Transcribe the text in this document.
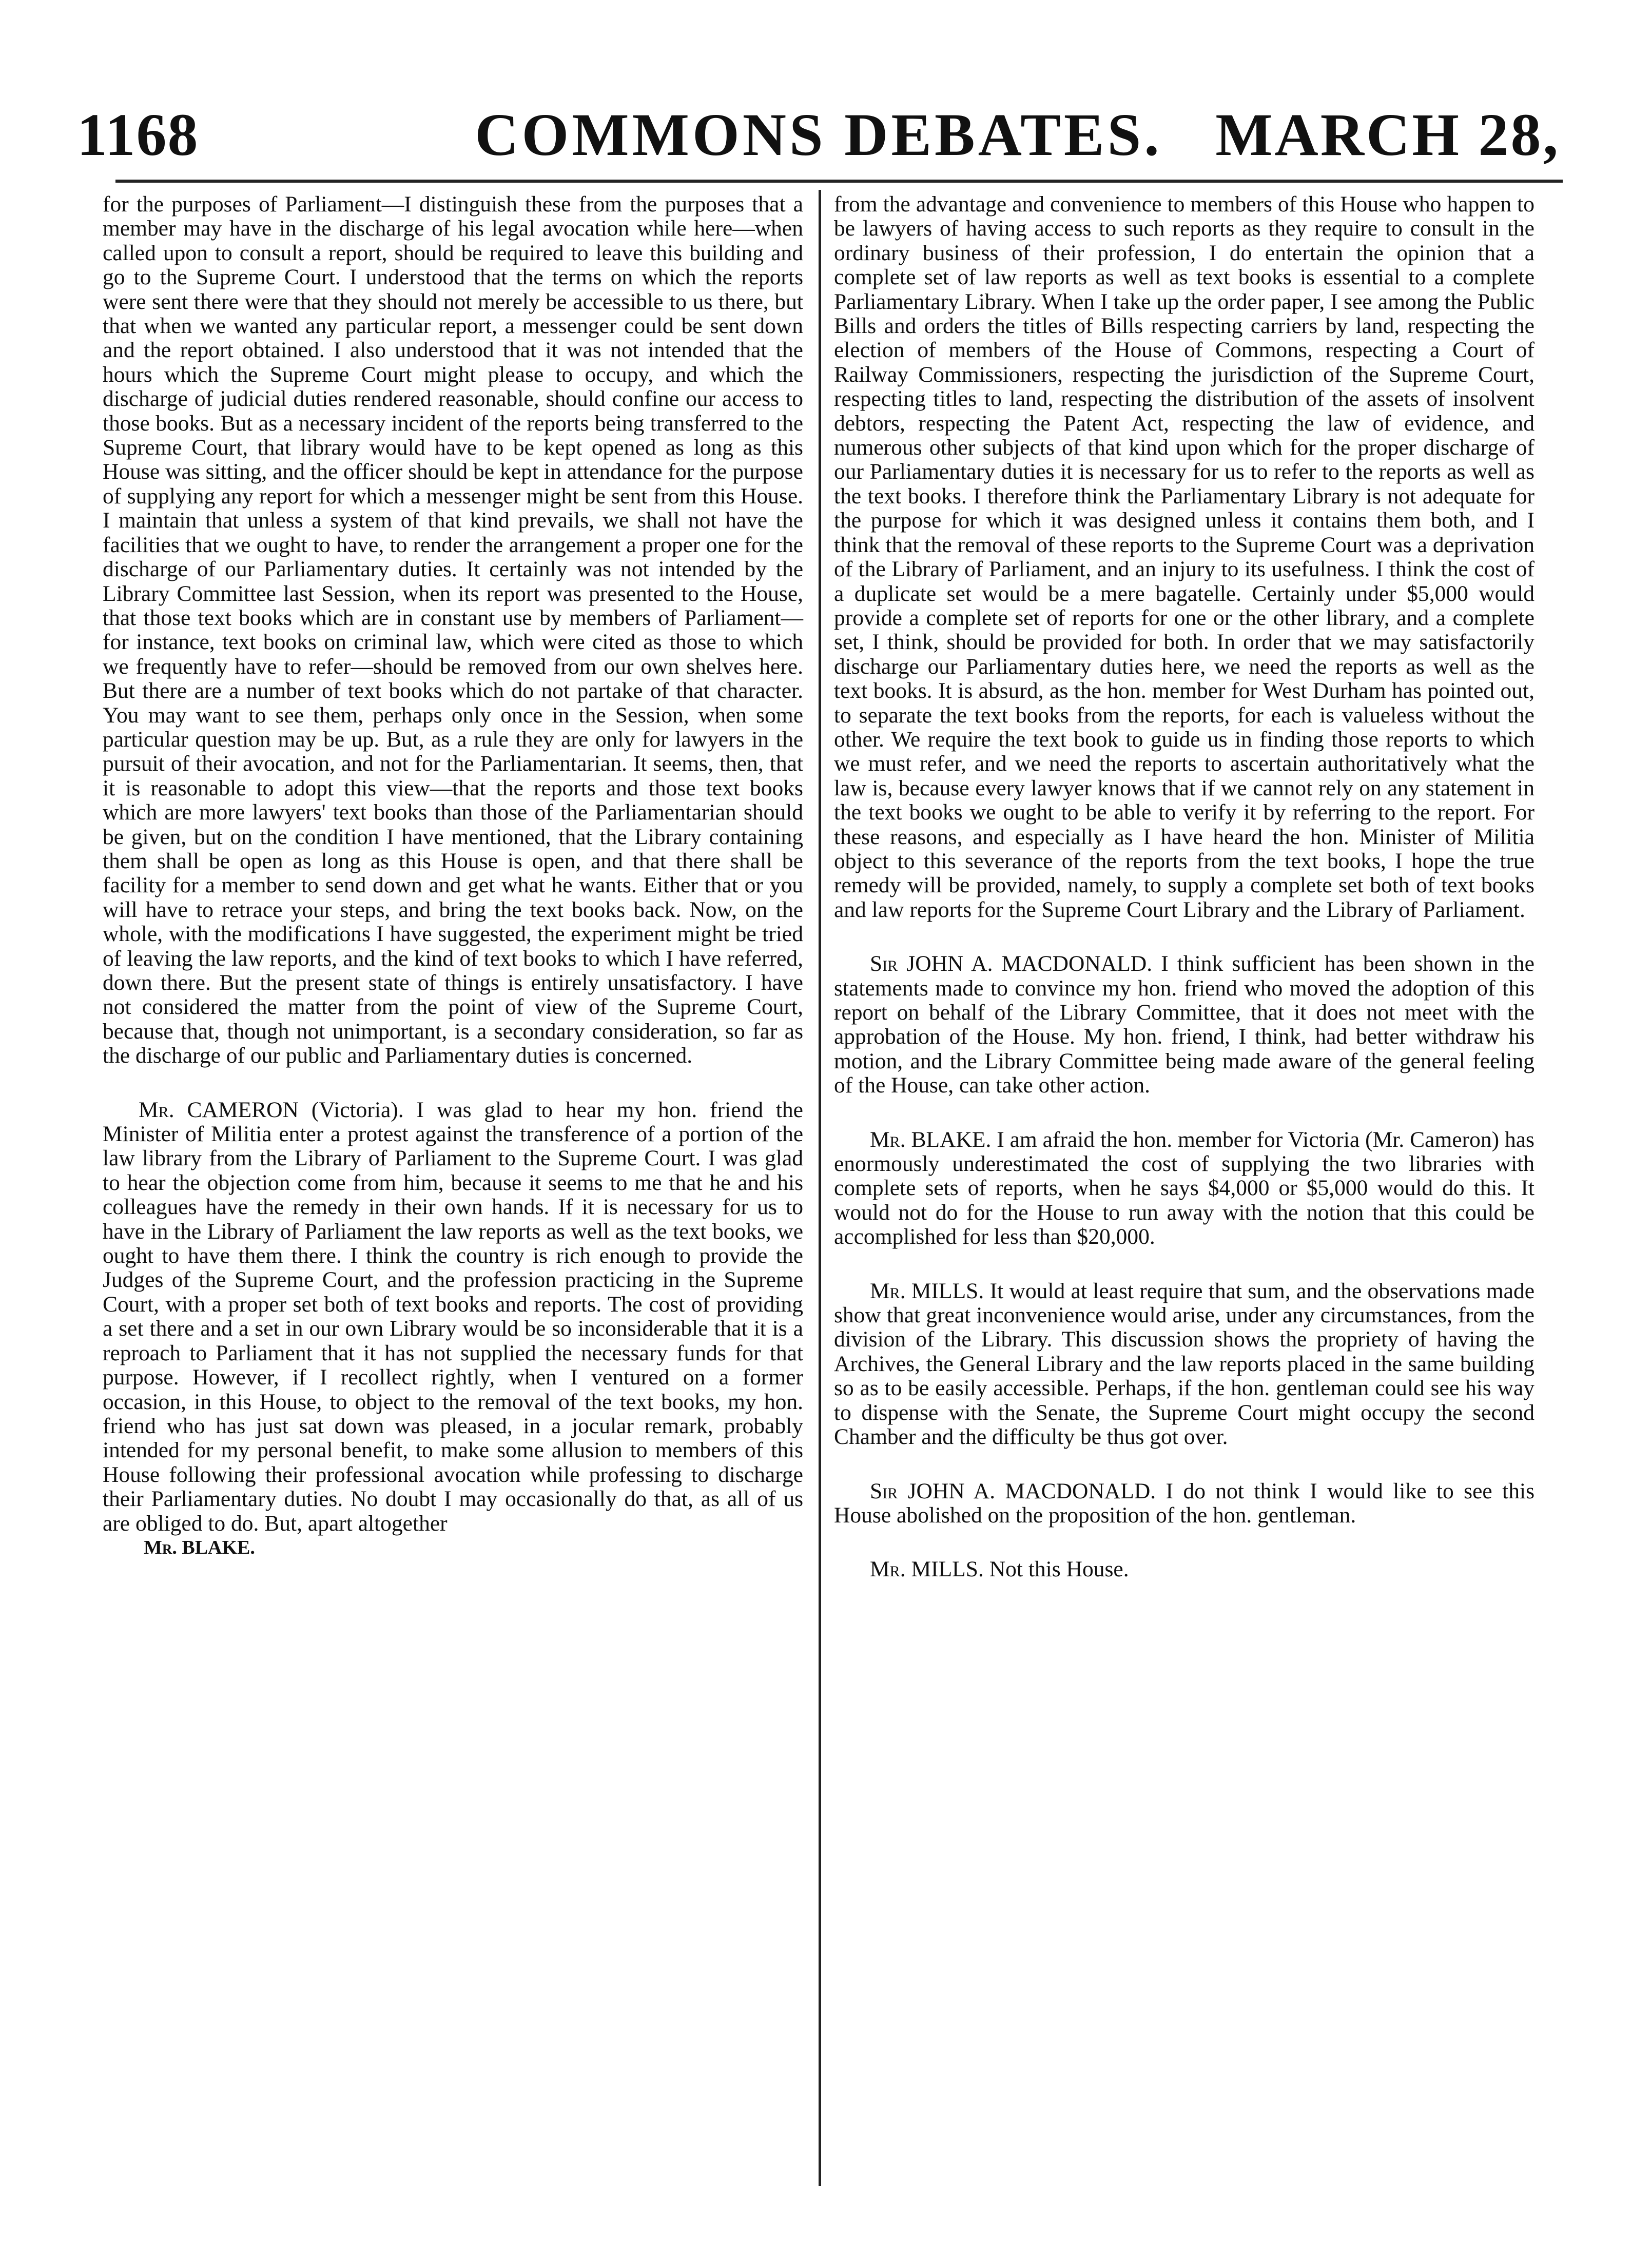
COMMONS DEBATES.
1168	MARCH 28,

for the purposes of Parliament—I distinguish these from the purposes that a member may have in the discharge of his legal avocation while here—when called upon to consult a report, should be required to leave this building and go to the Supreme Court. I understood that the terms on which the reports were sent there were that they should not merely be accessible to us there, but that when we wanted any particular report, a messenger could be sent down and the report obtained. I also understood that it was not intended that the hours which the Supreme Court might please to occupy, and which the discharge of judicial duties rendered reasonable, should confine our access to those books. But as a necessary incident of the reports being transferred to the Supreme Court, that library would have to be kept opened as long as this House was sitting, and the officer should be kept in attendance for the purpose of supplying any report for which a messenger might be sent from this House. I maintain that unless a system of that kind prevails, we shall not have the facilities that we ought to have, to render the arrangement a proper one for the discharge of our Parliamentary duties. It certainly was not intended by the Library Committee last Session, when its report was presented to the House, that those text books which are in constant use by members of Parliament—for instance, text books on criminal law, which were cited as those to which we frequently have to refer—should be removed from our own shelves here. But there are a number of text books which do not partake of that character. You may want to see them, perhaps only once in the Session, when some particular question may be up. But, as a rule they are only for lawyers in the pursuit of their avocation, and not for the Parliamentarian. It seems, then, that it is reasonable to adopt this view—that the reports and those text books which are more lawyers' text books than those of the Parliamentarian should be given, but on the condition I have mentioned, that the Library containing them shall be open as long as this House is open, and that there shall be facility for a member to send down and get what he wants. Either that or you will have to retrace your steps, and bring the text books back. Now, on the whole, with the modifications I have suggested, the experiment might be tried of leaving the law reports, and the kind of text books to which I have referred, down there. But the present state of things is entirely unsatisfactory. I have not considered the matter from the point of view of the Supreme Court, because that, though not unimportant, is a secondary consideration, so far as the discharge of our public and Parliamentary duties is concerned.

Mr. CAMERON (Victoria). I was glad to hear my hon. friend the Minister of Militia enter a protest against the transference of a portion of the law library from the Library of Parliament to the Supreme Court. I was glad to hear the objection come from him, because it seems to me that he and his colleagues have the remedy in their own hands. If it is necessary for us to have in the Library of Parliament the law reports as well as the text books, we ought to have them there. I think the country is rich enough to provide the Judges of the Supreme Court, and the profession practicing in the Supreme Court, with a proper set both of text books and reports. The cost of providing a set there and a set in our own Library would be so inconsiderable that it is a reproach to Parliament that it has not supplied the necessary funds for that purpose. However, if I recollect rightly, when I ventured on a former occasion, in this House, to object to the removal of the text books, my hon. friend who has just sat down was pleased, in a jocular remark, probably intended for my personal benefit, to make some allusion to members of this House following their professional avocation while professing to discharge their Parliamentary duties. No doubt I may occasionally do that, as all of us are obliged to do. But, apart altogether

Mr. BLAKE.

from the advantage and convenience to members of this House who happen to be lawyers of having access to such reports as they require to consult in the ordinary business of their profession, I do entertain the opinion that a complete set of law reports as well as text books is essential to a complete Parliamentary Library. When I take up the order paper, I see among the Public Bills and orders the titles of Bills respecting carriers by land, respecting the election of members of the House of Commons, respecting a Court of Railway Commissioners, respecting the jurisdiction of the Supreme Court, respecting titles to land, respecting the distribution of the assets of insolvent debtors, respecting the Patent Act, respecting the law of evidence, and numerous other subjects of that kind upon which for the proper discharge of our Parliamentary duties it is necessary for us to refer to the reports as well as the text books. I therefore think the Parliamentary Library is not adequate for the purpose for which it was designed unless it contains them both, and I think that the removal of these reports to the Supreme Court was a deprivation of the Library of Parliament, and an injury to its usefulness. I think the cost of a duplicate set would be a mere bagatelle. Certainly under $5,000 would provide a complete set of reports for one or the other library, and a complete set, I think, should be provided for both. In order that we may satisfactorily discharge our Parliamentary duties here, we need the reports as well as the text books. It is absurd, as the hon. member for West Durham has pointed out, to separate the text books from the reports, for each is valueless without the other. We require the text book to guide us in finding those reports to which we must refer, and we need the reports to ascertain authoritatively what the law is, because every lawyer knows that if we cannot rely on any statement in the text books we ought to be able to verify it by referring to the report. For these reasons, and especially as I have heard the hon. Minister of Militia object to this severance of the reports from the text books, I hope the true remedy will be provided, namely, to supply a complete set both of text books and law reports for the Supreme Court Library and the Library of Parliament.

Sir JOHN A. MACDONALD. I think sufficient has been shown in the statements made to convince my hon. friend who moved the adoption of this report on behalf of the Library Committee, that it does not meet with the approbation of the House. My hon. friend, I think, had better withdraw his motion, and the Library Committee being made aware of the general feeling of the House, can take other action.

Mr. BLAKE. I am afraid the hon. member for Victoria (Mr. Cameron) has enormously underestimated the cost of supplying the two libraries with complete sets of reports, when he says $4,000 or $5,000 would do this. It would not do for the House to run away with the notion that this could be accomplished for less than $20,000.

Mr. MILLS. It would at least require that sum, and the observations made show that great inconvenience would arise, under any circumstances, from the division of the Library. This discussion shows the propriety of having the Archives, the General Library and the law reports placed in the same building so as to be easily accessible. Perhaps, if the hon. gentleman could see his way to dispense with the Senate, the Supreme Court might occupy the second Chamber and the difficulty be thus got over.

Sir JOHN A. MACDONALD. I do not think I would like to see this House abolished on the proposition of the hon. gentleman.

Mr. MILLS. Not this House.
